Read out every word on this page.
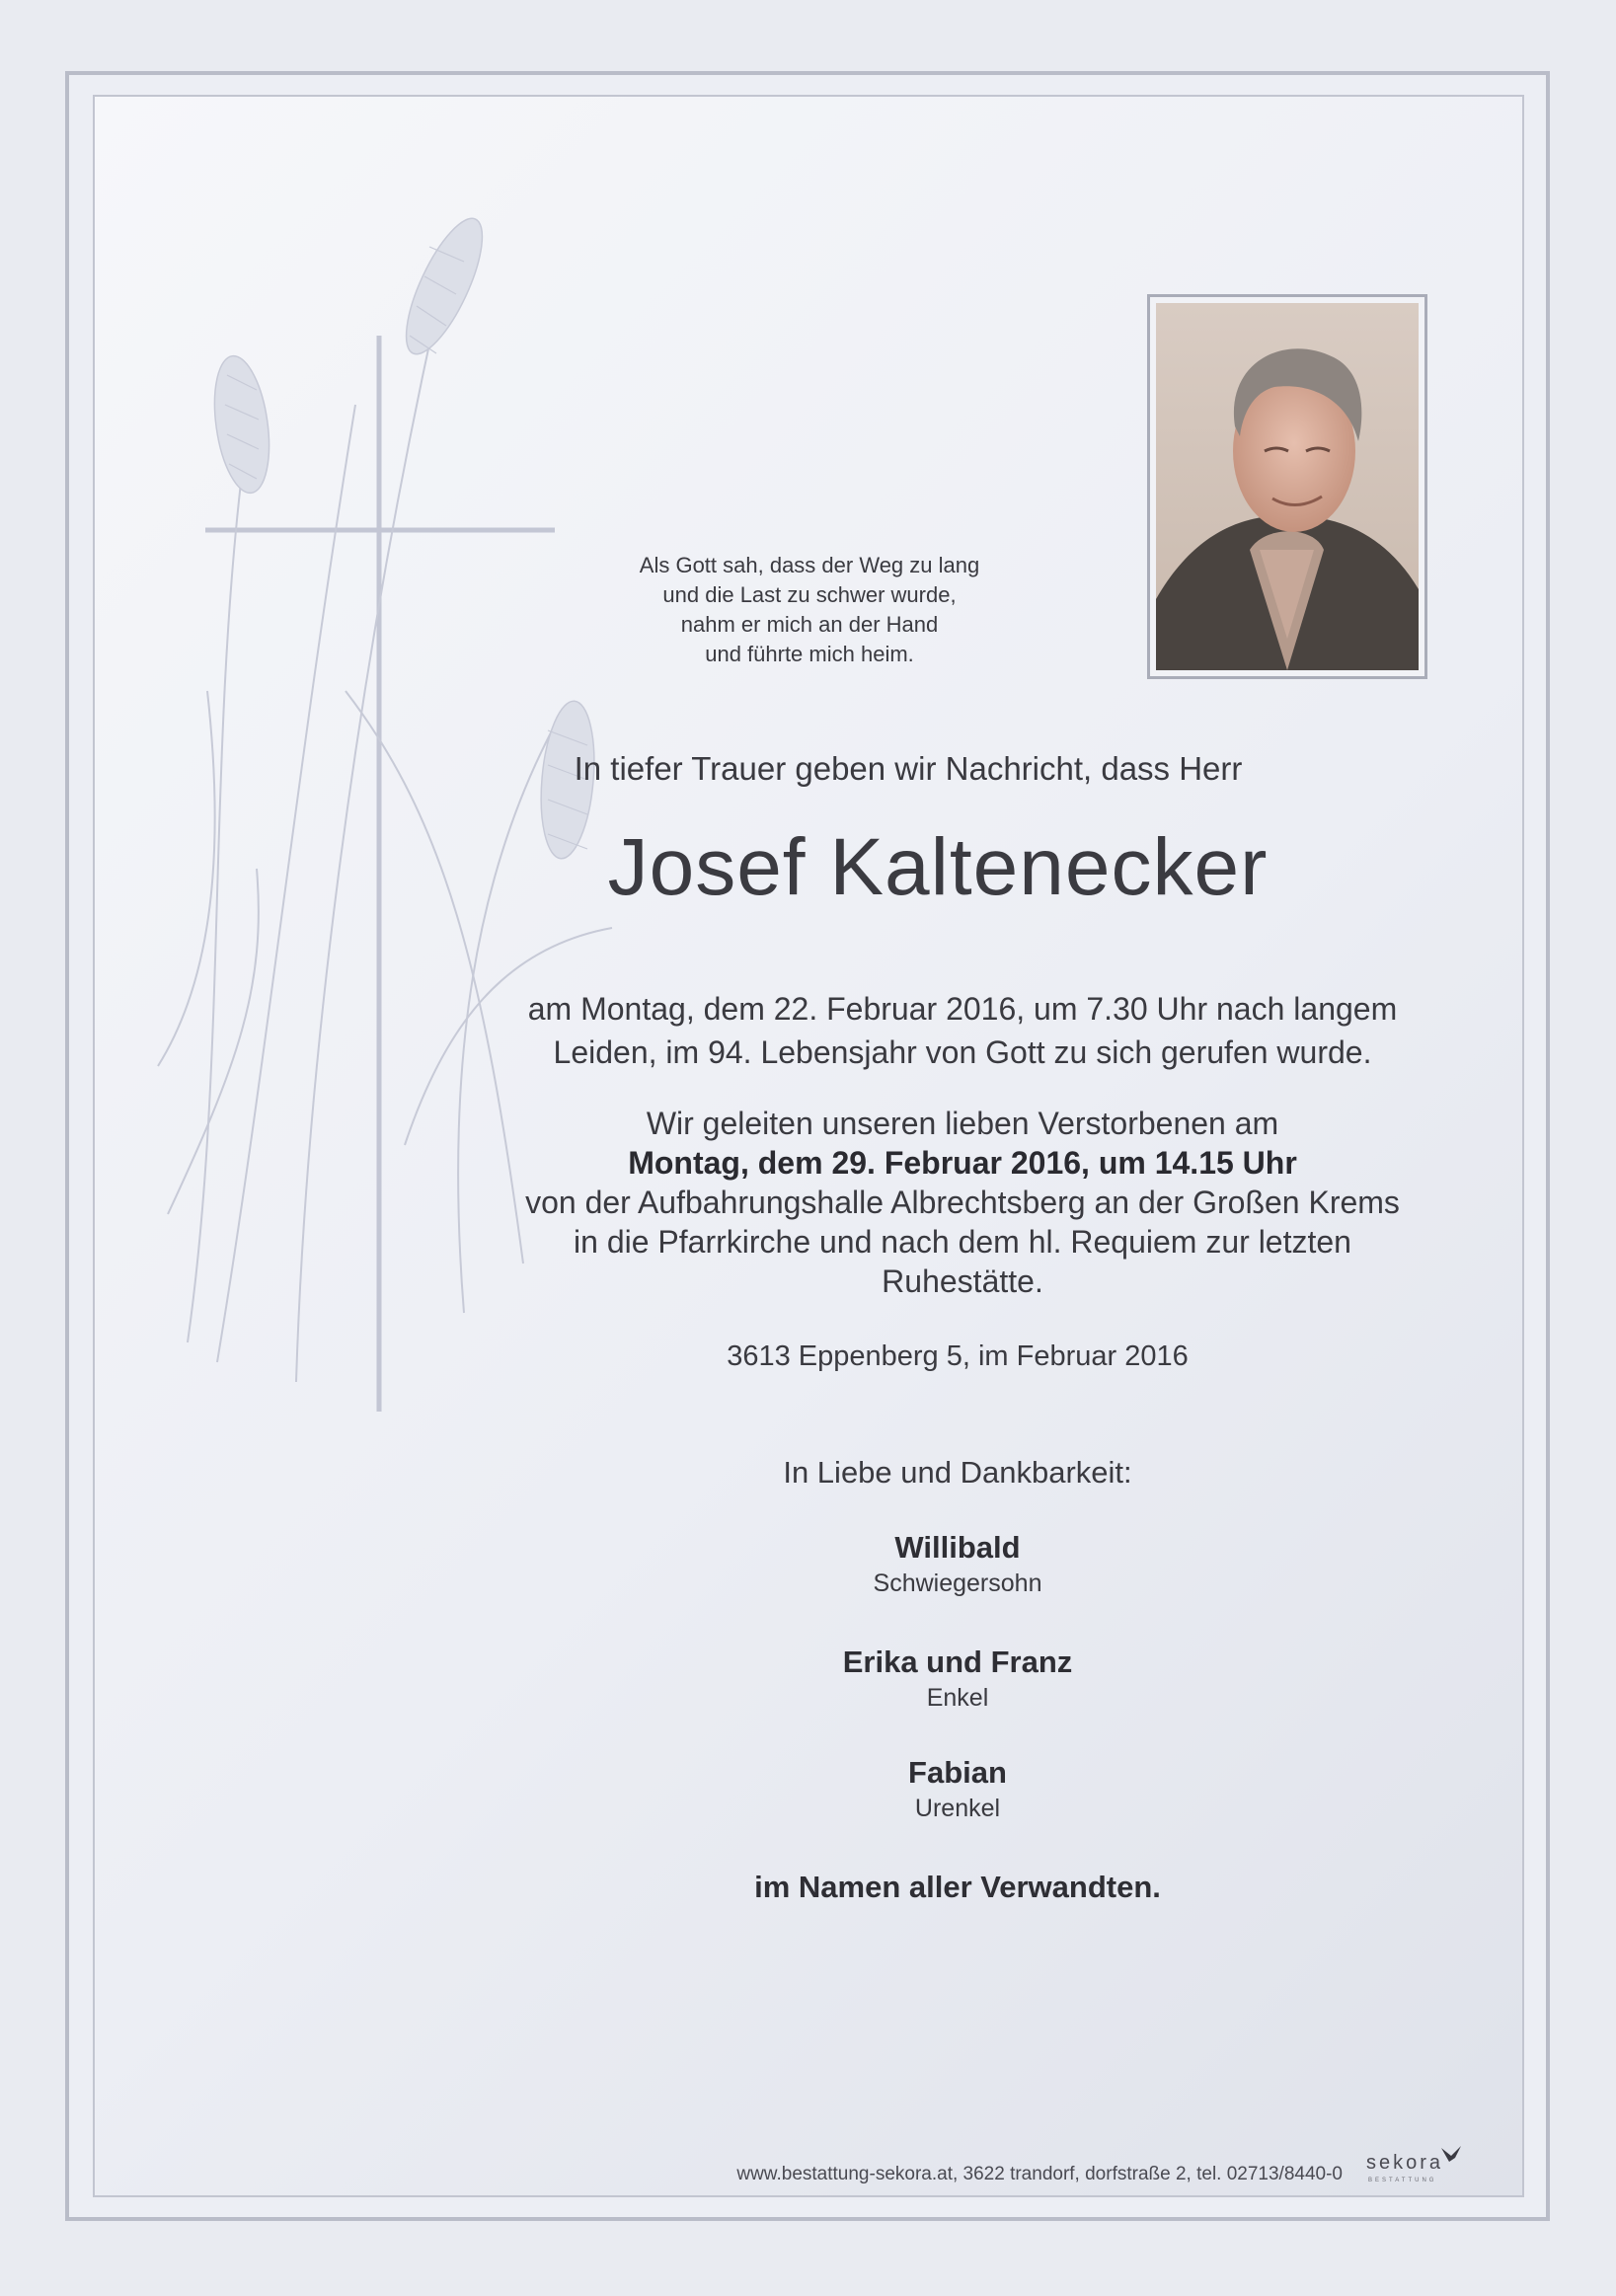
Als Gott sah, dass der Weg zu lang
und die Last zu schwer wurde,
nahm er mich an der Hand
und führte mich heim.
In tiefer Trauer geben wir Nachricht, dass Herr
Josef Kaltenecker
am Montag, dem 22. Februar 2016, um 7.30 Uhr nach langem
Leiden, im 94. Lebensjahr von Gott zu sich gerufen wurde.
Wir geleiten unseren lieben Verstorbenen am
Montag, dem 29. Februar 2016, um 14.15 Uhr
von der Aufbahrungshalle Albrechtsberg an der Großen Krems
in die Pfarrkirche und nach dem hl. Requiem zur letzten
Ruhestätte.
3613 Eppenberg 5, im Februar 2016
In Liebe und Dankbarkeit:
Willibald
Schwiegersohn
Erika und Franz
Enkel
Fabian
Urenkel
im Namen aller Verwandten.
www.bestattung-sekora.at, 3622 trandorf, dorfstraße 2, tel. 02713/8440-0
sekora
BESTATTUNG
